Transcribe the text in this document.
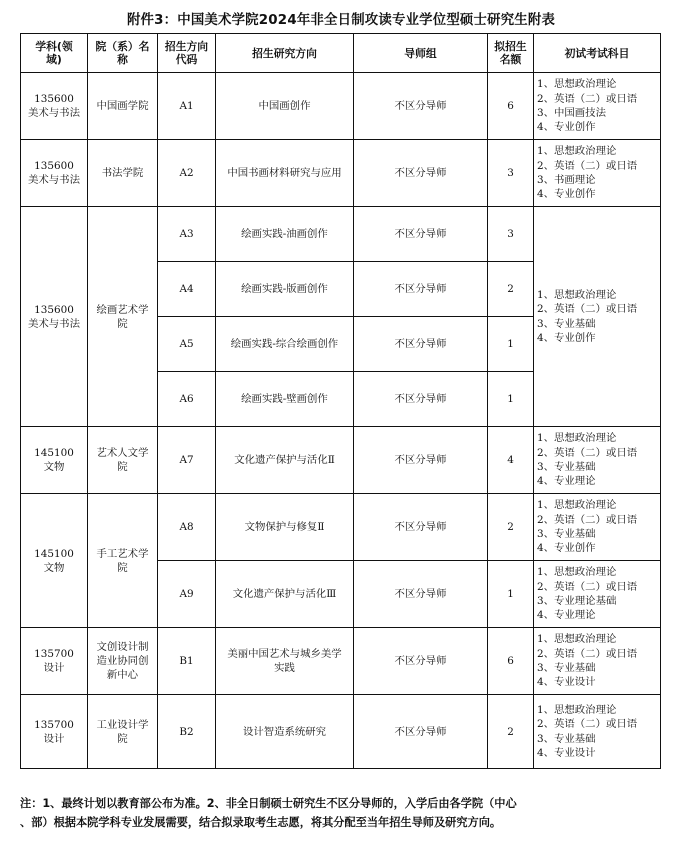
附件3：中国美术学院2024年非全日制攻读专业学位型硕士研究生附表
学科(领
域)	院（系）名
称	招生方向
代码	招生研究方向	导师组	拟招生
名额	初试考试科目

135600
美术与书法	中国画学院	A1	中国画创作	不区分导师	6	1、思想政治理论
2、英语（二）或日语
3、中国画技法
4、专业创作

135600
美术与书法	书法学院	A2	中国书画材料研究与应用	不区分导师	3	1、思想政治理论
2、英语（二）或日语
3、书画理论
4、专业创作

135600
美术与书法	绘画艺术学
院	A3	绘画实践-油画创作	不区分导师	3	1、思想政治理论
2、英语（二）或日语
3、专业基础
4、专业创作

		A4	绘画实践-版画创作	不区分导师	2	
		A5	绘画实践-综合绘画创作	不区分导师	1	
		A6	绘画实践-壁画创作	不区分导师	1	

145100
文物	艺术人文学
院	A7	文化遗产保护与活化Ⅱ	不区分导师	4	1、思想政治理论
2、英语（二）或日语
3、专业基础
4、专业理论

145100
文物	手工艺术学
院	A8	文物保护与修复Ⅱ	不区分导师	2	1、思想政治理论
2、英语（二）或日语
3、专业基础
4、专业创作

		A9	文化遗产保护与活化Ⅲ	不区分导师	1	1、思想政治理论
2、英语（二）或日语
3、专业理论基础
4、专业理论

135700
设计	文创设计制
造业协同创
新中心	B1	美丽中国艺术与城乡美学
实践	不区分导师	6	1、思想政治理论
2、英语（二）或日语
3、专业基础
4、专业设计

135700
设计	工业设计学
院	B2	设计智造系统研究	不区分导师	2	1、思想政治理论
2、英语（二）或日语
3、专业基础
4、专业设计
注：1、最终计划以教育部公布为准。2、非全日制硕士研究生不区分导师的，入学后由各学院（中心
、部）根据本院学科专业发展需要，结合拟录取考生志愿，将其分配至当年招生导师及研究方向。
